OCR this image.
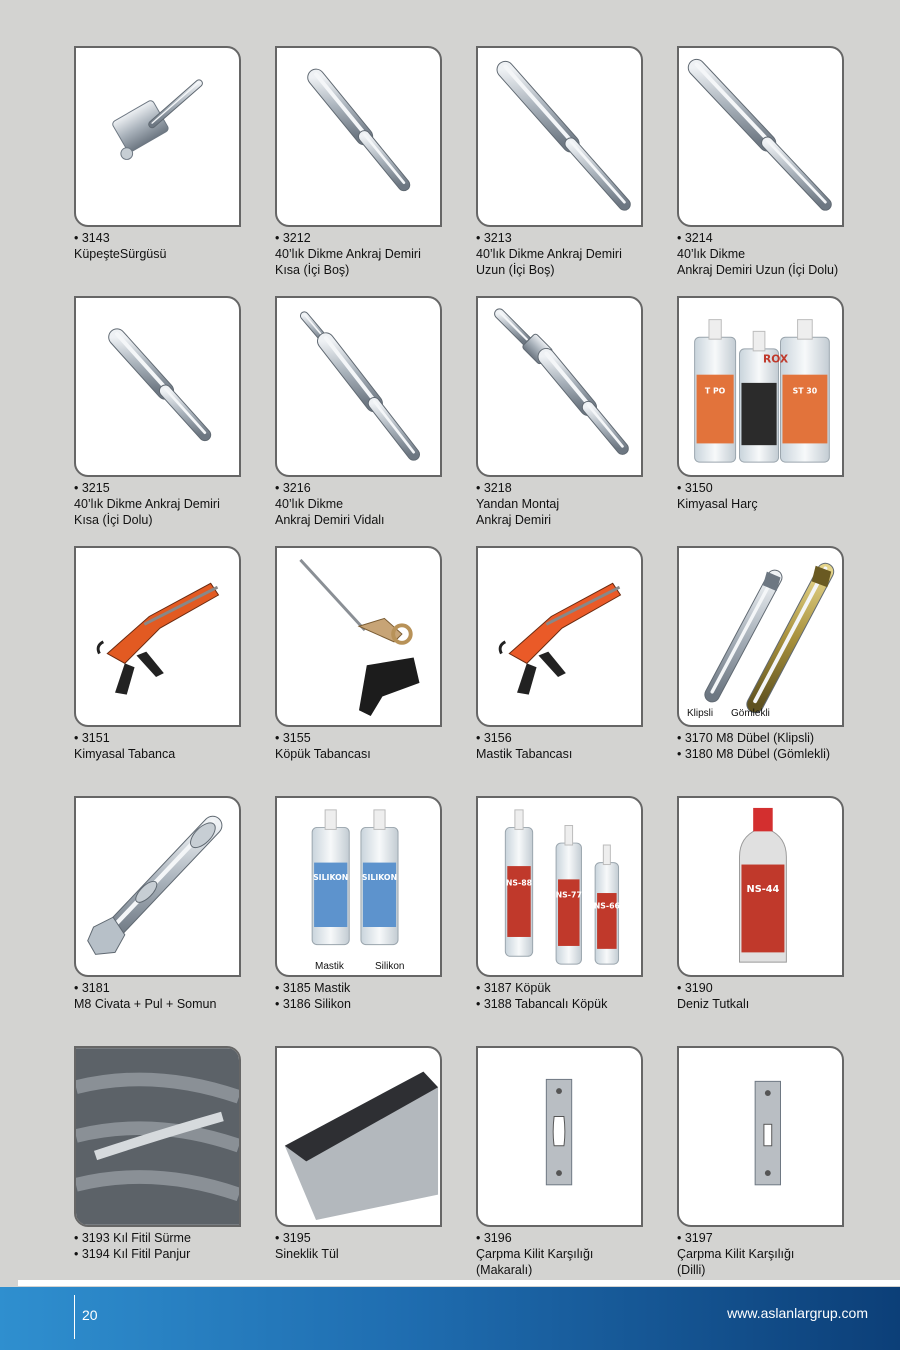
• 3143
KüpeşteSürgüsü
• 3212
40’lık Dikme Ankraj Demiri
Kısa (İçi Boş)
• 3213
40’lık Dikme Ankraj Demiri
Uzun (İçi Boş)
• 3214
40’lık Dikme
Ankraj Demiri Uzun (İçi Dolu)
• 3215
40’lık Dikme Ankraj Demiri
Kısa (İçi Dolu)
• 3216
40’lık Dikme
Ankraj Demiri Vidalı
• 3218
Yandan Montaj
Ankraj Demiri
T PO	ST 30
ROX
• 3150
Kimyasal Harç
• 3151
Kimyasal Tabanca
• 3155
Köpük Tabancası
• 3156
Mastik Tabancası
Klipsli Gömlekli
• 3170 M8 Dübel (Klipsli)
• 3180 M8 Dübel (Gömlekli)
• 3181
M8 Civata + Pul + Somun
SILIKON SILIKON
Mastik	Silikon
• 3185 Mastik
• 3186 Silikon
NS-88
NS-77
NS-66
• 3187 Köpük
• 3188 Tabancalı Köpük
NS-44
• 3190
Deniz Tutkalı
• 3193 Kıl Fitil Sürme
• 3194 Kıl Fitil Panjur
• 3195
Sineklik Tül
• 3196
Çarpma Kilit Karşılığı
(Makaralı)
• 3197
Çarpma Kilit Karşılığı
(Dilli)
20	www.aslanlargrup.com
